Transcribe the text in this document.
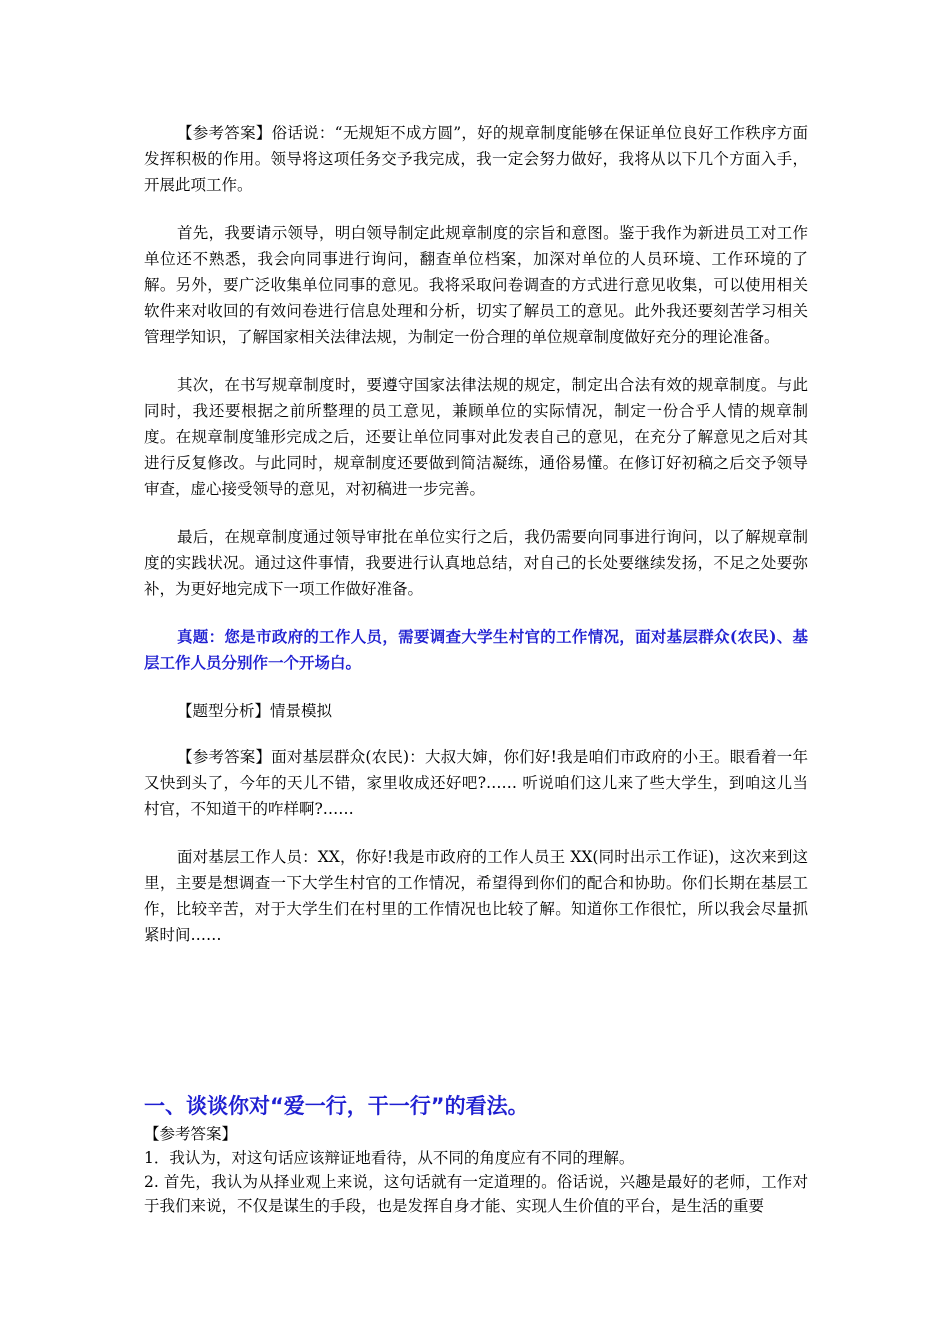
【参考答案】俗话说：“无规矩不成方圆”，好的规章制度能够在保证单位良好工作秩序方面发挥积极的作用。领导将这项任务交予我完成，我一定会努力做好，我将从以下几个方面入手，开展此项工作。

首先，我要请示领导，明白领导制定此规章制度的宗旨和意图。鉴于我作为新进员工对工作单位还不熟悉，我会向同事进行询问，翻查单位档案，加深对单位的人员环境、工作环境的了解。另外，要广泛收集单位同事的意见。我将采取问卷调查的方式进行意见收集，可以使用相关软件来对收回的有效问卷进行信息处理和分析，切实了解员工的意见。此外我还要刻苦学习相关管理学知识，了解国家相关法律法规，为制定一份合理的单位规章制度做好充分的理论准备。

其次，在书写规章制度时，要遵守国家法律法规的规定，制定出合法有效的规章制度。与此同时，我还要根据之前所整理的员工意见，兼顾单位的实际情况，制定一份合乎人情的规章制度。在规章制度雏形完成之后，还要让单位同事对此发表自己的意见，在充分了解意见之后对其进行反复修改。与此同时，规章制度还要做到简洁凝练，通俗易懂。在修订好初稿之后交予领导审查，虚心接受领导的意见，对初稿进一步完善。

最后，在规章制度通过领导审批在单位实行之后，我仍需要向同事进行询问，以了解规章制度的实践状况。通过这件事情，我要进行认真地总结，对自己的长处要继续发扬，不足之处要弥补，为更好地完成下一项工作做好准备。

真题：您是市政府的工作人员，需要调查大学生村官的工作情况，面对基层群众(农民)、基层工作人员分别作一个开场白。

【题型分析】情景模拟

【参考答案】面对基层群众(农民)：大叔大婶，你们好!我是咱们市政府的小王。眼看着一年又快到头了，今年的天儿不错，家里收成还好吧?…… 听说咱们这儿来了些大学生，到咱这儿当村官，不知道干的咋样啊?……

面对基层工作人员：XX，你好!我是市政府的工作人员王 XX(同时出示工作证)，这次来到这里，主要是想调查一下大学生村官的工作情况，希望得到你们的配合和协助。你们长期在基层工作，比较辛苦，对于大学生们在村里的工作情况也比较了解。知道你工作很忙，所以我会尽量抓紧时间……

一、谈谈你对“爱一行，干一行”的看法。

【参考答案】

1．我认为，对这句话应该辩证地看待，从不同的角度应有不同的理解。

2. 首先，我认为从择业观上来说，这句话就有一定道理的。俗话说，兴趣是最好的老师，工作对于我们来说，不仅是谋生的手段，也是发挥自身才能、实现人生价值的平台，是生活的重要
